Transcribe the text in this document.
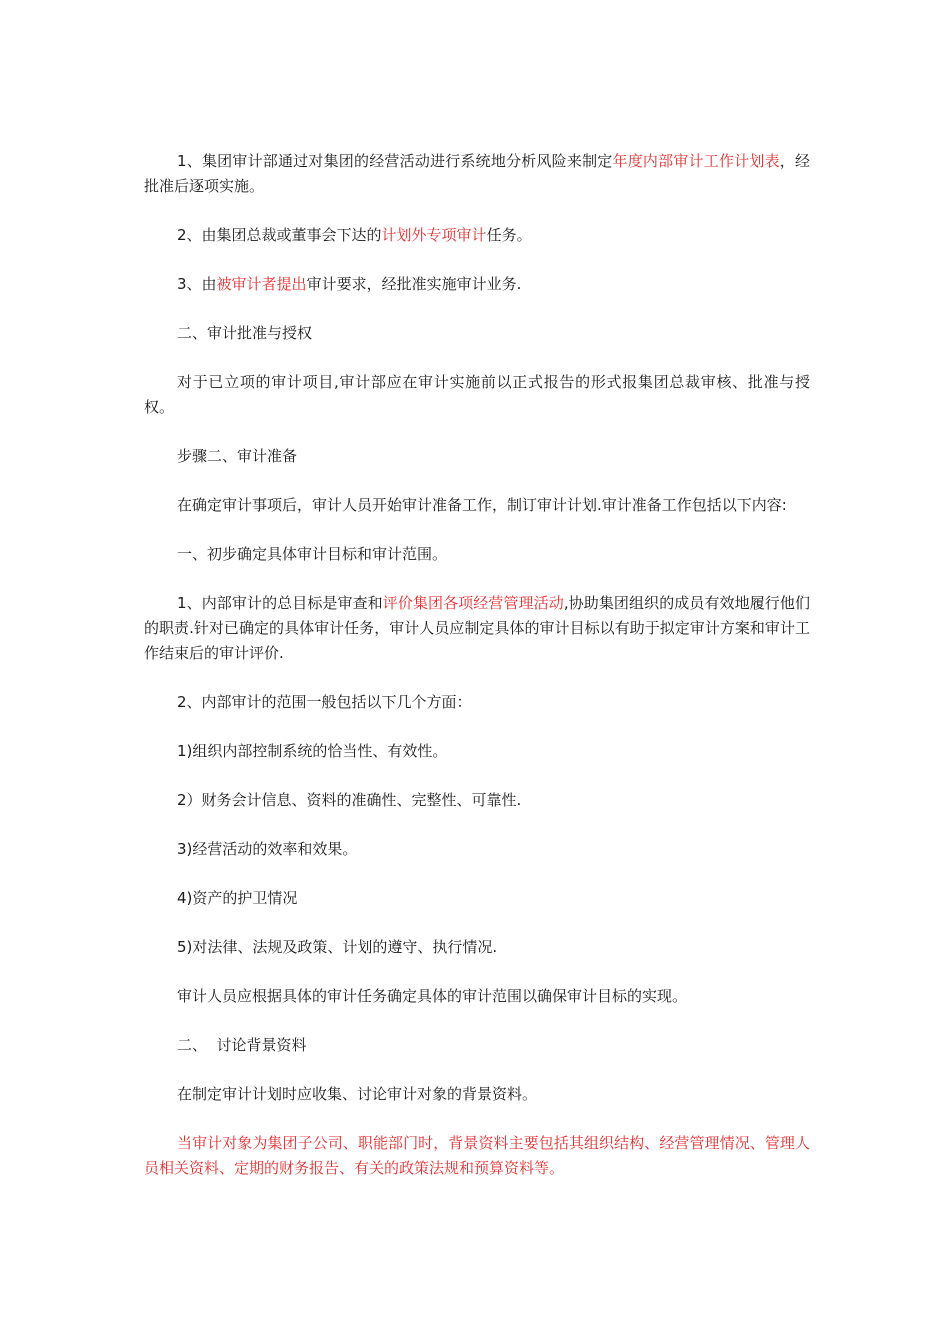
1、集团审计部通过对集团的经营活动进行系统地分析风险来制定年度内部审计工作计划表，经批准后逐项实施。

2、由集团总裁或董事会下达的计划外专项审计任务。

3、由被审计者提出审计要求，经批准实施审计业务.

二、审计批准与授权

对于已立项的审计项目,审计部应在审计实施前以正式报告的形式报集团总裁审核、批准与授权。

步骤二、审计准备

在确定审计事项后，审计人员开始审计准备工作，制订审计计划.审计准备工作包括以下内容:

一、初步确定具体审计目标和审计范围。

1、内部审计的总目标是审查和评价集团各项经营管理活动,协助集团组织的成员有效地履行他们的职责.针对已确定的具体审计任务，审计人员应制定具体的审计目标以有助于拟定审计方案和审计工作结束后的审计评价.

2、内部审计的范围一般包括以下几个方面：

1)组织内部控制系统的恰当性、有效性。

2）财务会计信息、资料的准确性、完整性、可靠性.

3)经营活动的效率和效果。

4)资产的护卫情况

5)对法律、法规及政策、计划的遵守、执行情况.

审计人员应根据具体的审计任务确定具体的审计范围以确保审计目标的实现。

二、  讨论背景资料

在制定审计计划时应收集、讨论审计对象的背景资料。

当审计对象为集团子公司、职能部门时，背景资料主要包括其组织结构、经营管理情况、管理人员相关资料、定期的财务报告、有关的政策法规和预算资料等。
